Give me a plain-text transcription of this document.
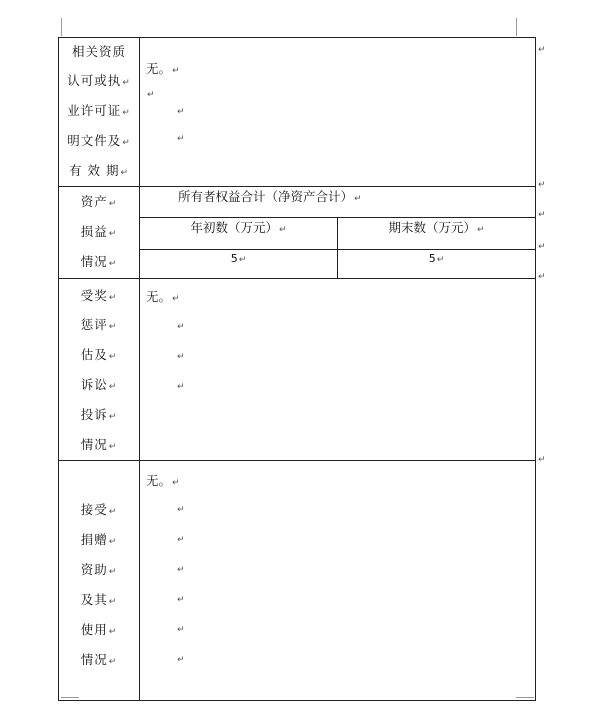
相关资质
认可或执↵
业许可证↵
明文件及↵
有 效 期↵

无。↵
↵
↵
↵

资产↵
损益↵
情况↵

所有者权益合计（净资产合计）↵
年初数（万元）↵	期末数（万元）↵
5↵	5↵

受奖↵
惩评↵
估及↵
诉讼↵
投诉↵
情况↵

无。↵
↵
↵
↵

接受↵
捐赠↵
资助↵
及其↵
使用↵
情况↵

无。↵
↵
↵
↵
↵
↵
↵
↵
↵
↵
↵
↵
↵
